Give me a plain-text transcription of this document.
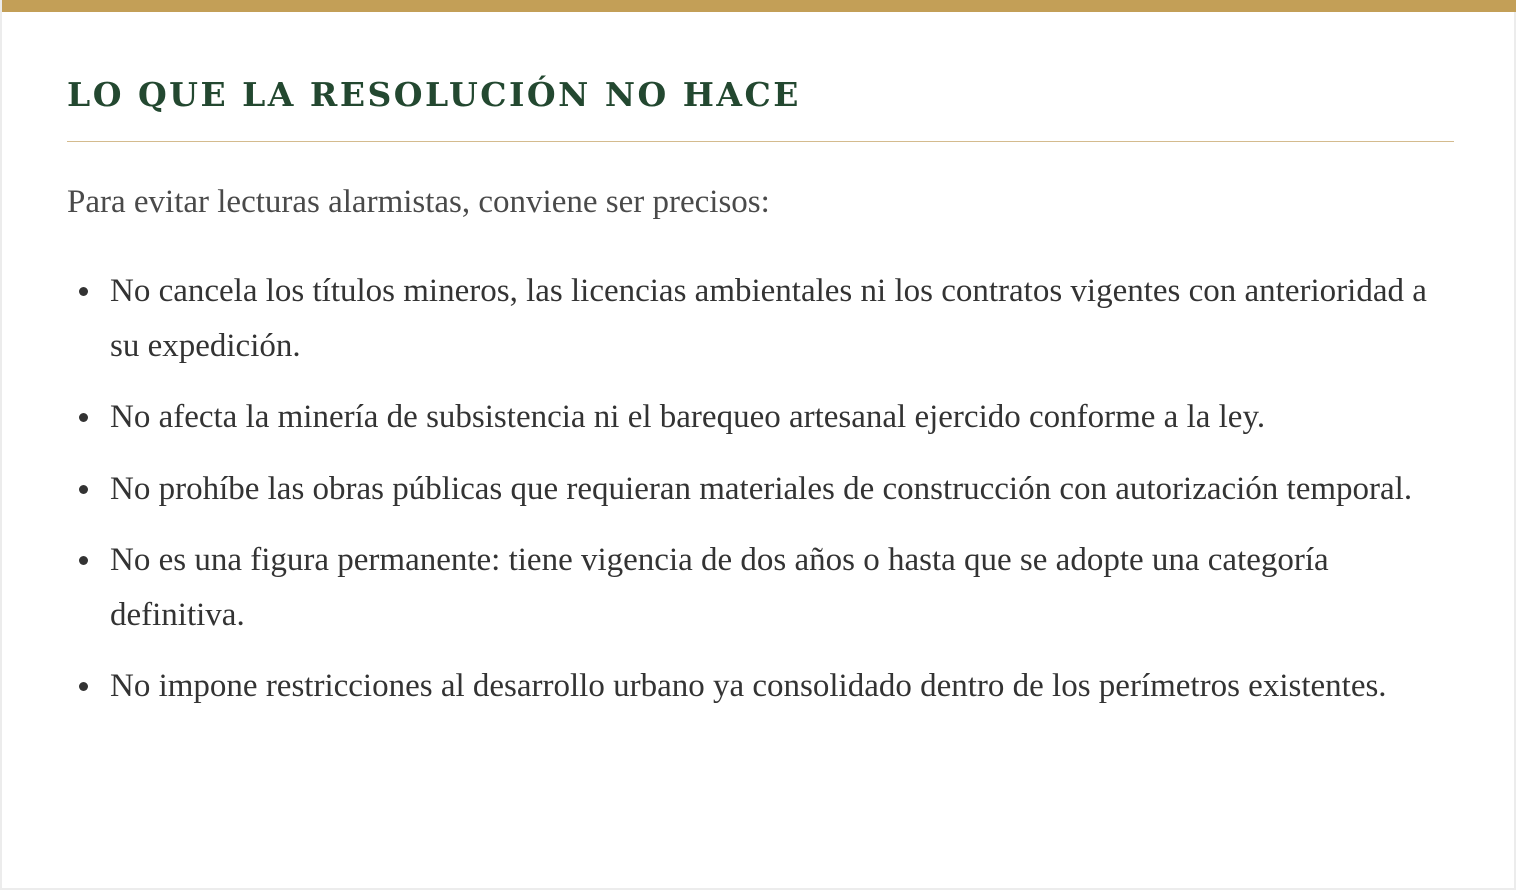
LO QUE LA RESOLUCIÓN NO HACE

Para evitar lecturas alarmistas, conviene ser precisos:

No cancela los títulos mineros, las licencias ambientales ni los contratos vigentes con anterioridad a su expedición.
No afecta la minería de subsistencia ni el barequeo artesanal ejercido conforme a la ley.
No prohíbe las obras públicas que requieran materiales de construcción con autorización temporal.
No es una figura permanente: tiene vigencia de dos años o hasta que se adopte una categoría definitiva.
No impone restricciones al desarrollo urbano ya consolidado dentro de los perímetros existentes.
